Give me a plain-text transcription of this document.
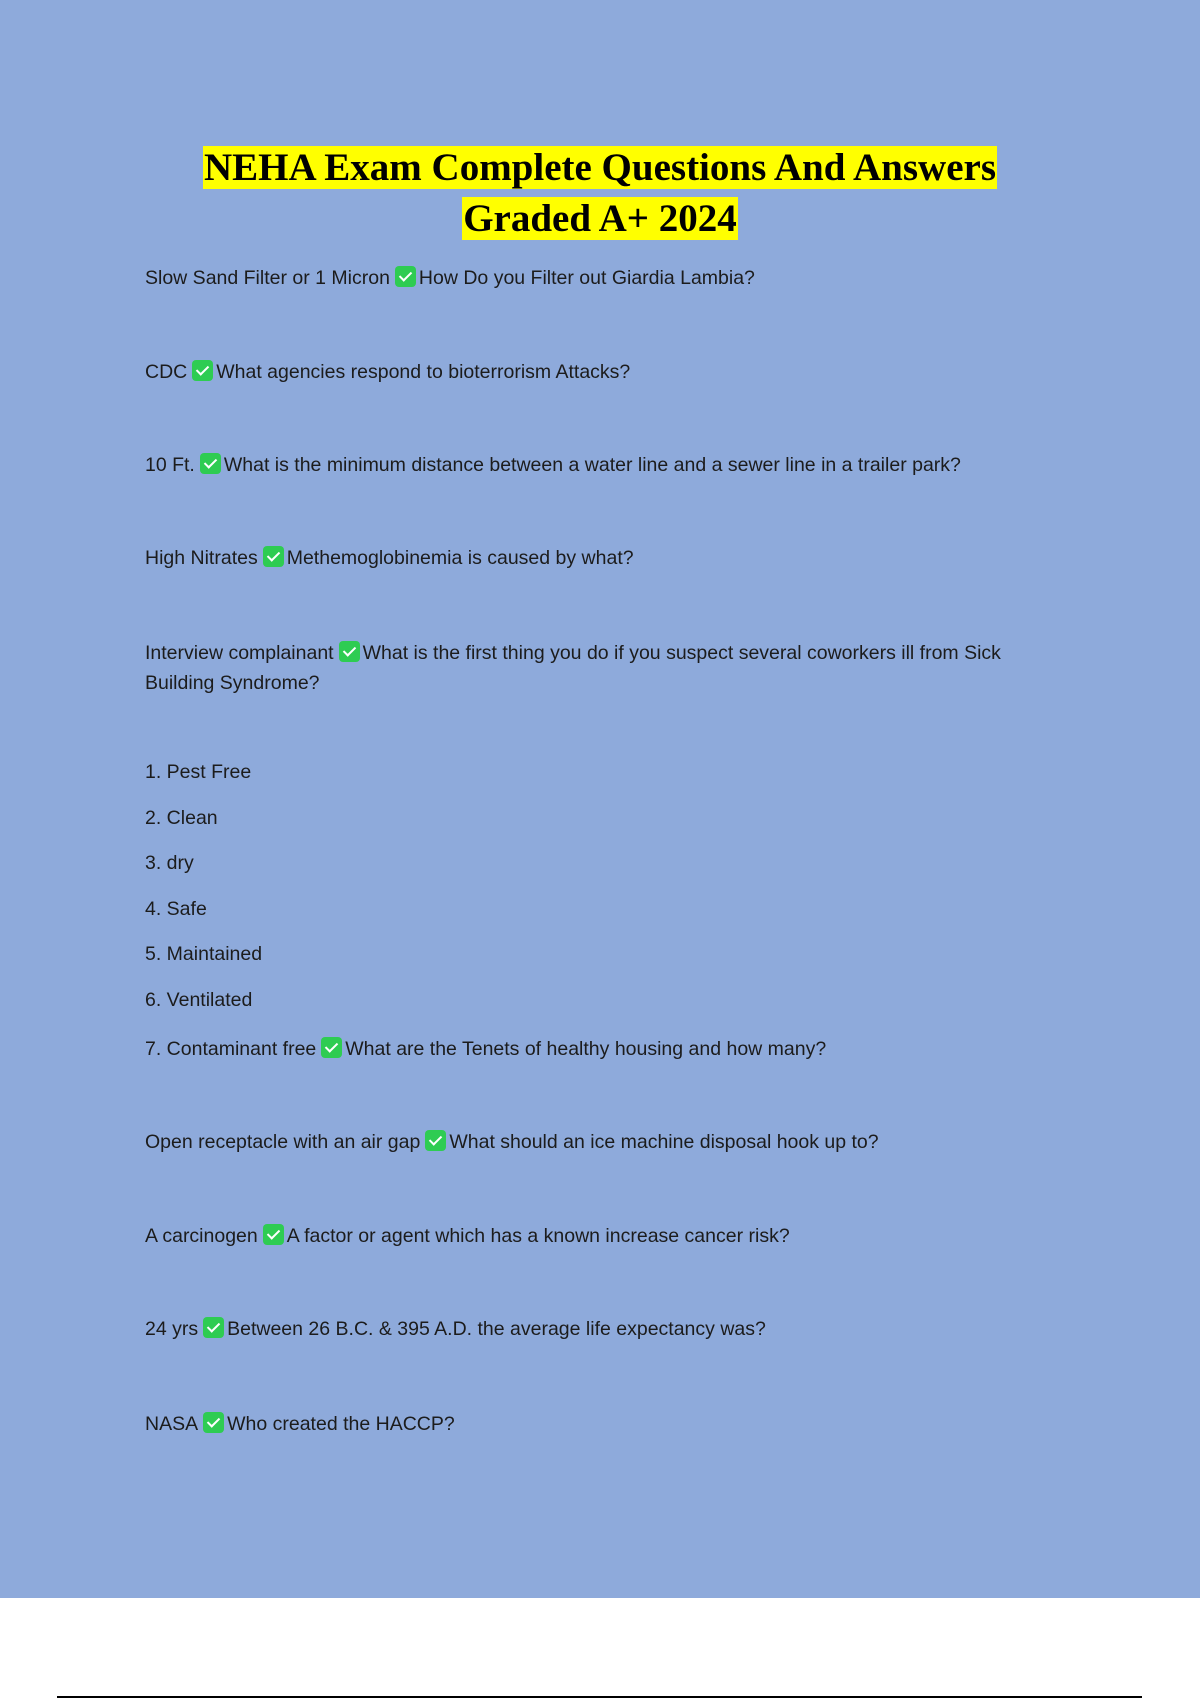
NEHA Exam Complete Questions And Answers
Graded A+ 2024
Slow Sand Filter or 1 Micron How Do you Filter out Giardia Lambia?
CDC What agencies respond to bioterrorism Attacks?
10 Ft. What is the minimum distance between a water line and a sewer line in a trailer park?
High Nitrates Methemoglobinemia is caused by what?
Interview complainant What is the first thing you do if you suspect several coworkers ill from Sick Building Syndrome?
1. Pest Free
2. Clean
3. dry
4. Safe
5. Maintained
6. Ventilated
7. Contaminant free What are the Tenets of healthy housing and how many?
Open receptacle with an air gap What should an ice machine disposal hook up to?
A carcinogen A factor or agent which has a known increase cancer risk?
24 yrs Between 26 B.C. & 395 A.D. the average life expectancy was?
NASA Who created the HACCP?
